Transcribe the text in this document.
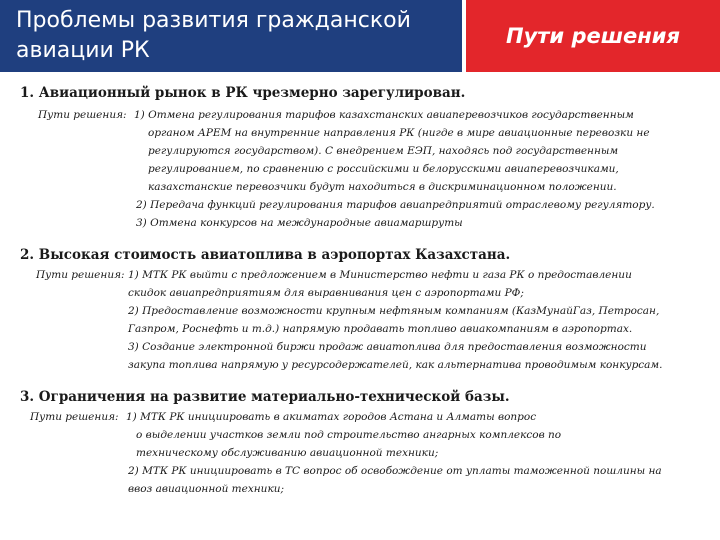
Проблемы развития гражданской
авиации РК
Пути решения
1. Авиационный рынок в РК чрезмерно зарегулирован.
Пути решения: 1) Отмена регулирования тарифов казахстанских авиаперевозчиков государственным
органом АРЕМ на внутренние направления РК (нигде в мире авиационные перевозки не
регулируются государством). С внедрением ЕЭП, находясь под государственным
регулированием, по сравнению с российскими и белорусскими авиаперевозчиками,
казахстанские перевозчики будут находиться в дискриминационном положении.
2) Передача функций регулирования тарифов авиапредприятий отраслевому регулятору.
3) Отмена конкурсов на международные авиамаршруты
2. Высокая стоимость авиатоплива в аэропортах Казахстана.
Пути решения: 1) МТК РК выйти с предложением в Министерство нефти и газа РК о предоставлении
скидок авиапредприятиям для выравнивания цен с аэропортами РФ;
2) Предоставление возможности крупным нефтяным компаниям (КазМунайГаз, Петросан,
Газпром, Роснефть и т.д.) напрямую продавать топливо авиакомпаниям в аэропортах.
3) Создание электронной биржи продаж авиатоплива для предоставления возможности
закупа топлива напрямую у ресурсодержателей, как альтернатива проводимым конкурсам.
3. Ограничения на развитие материально-технической базы.
Пути решения: 1) МТК РК инициировать в акиматах городов Астана и Алматы вопрос
о выделении участков земли под строительство ангарных комплексов по
техническому обслуживанию авиационной техники;
2) МТК РК инициировать в ТС вопрос об освобождение от уплаты таможенной пошлины на
ввоз авиационной техники;
